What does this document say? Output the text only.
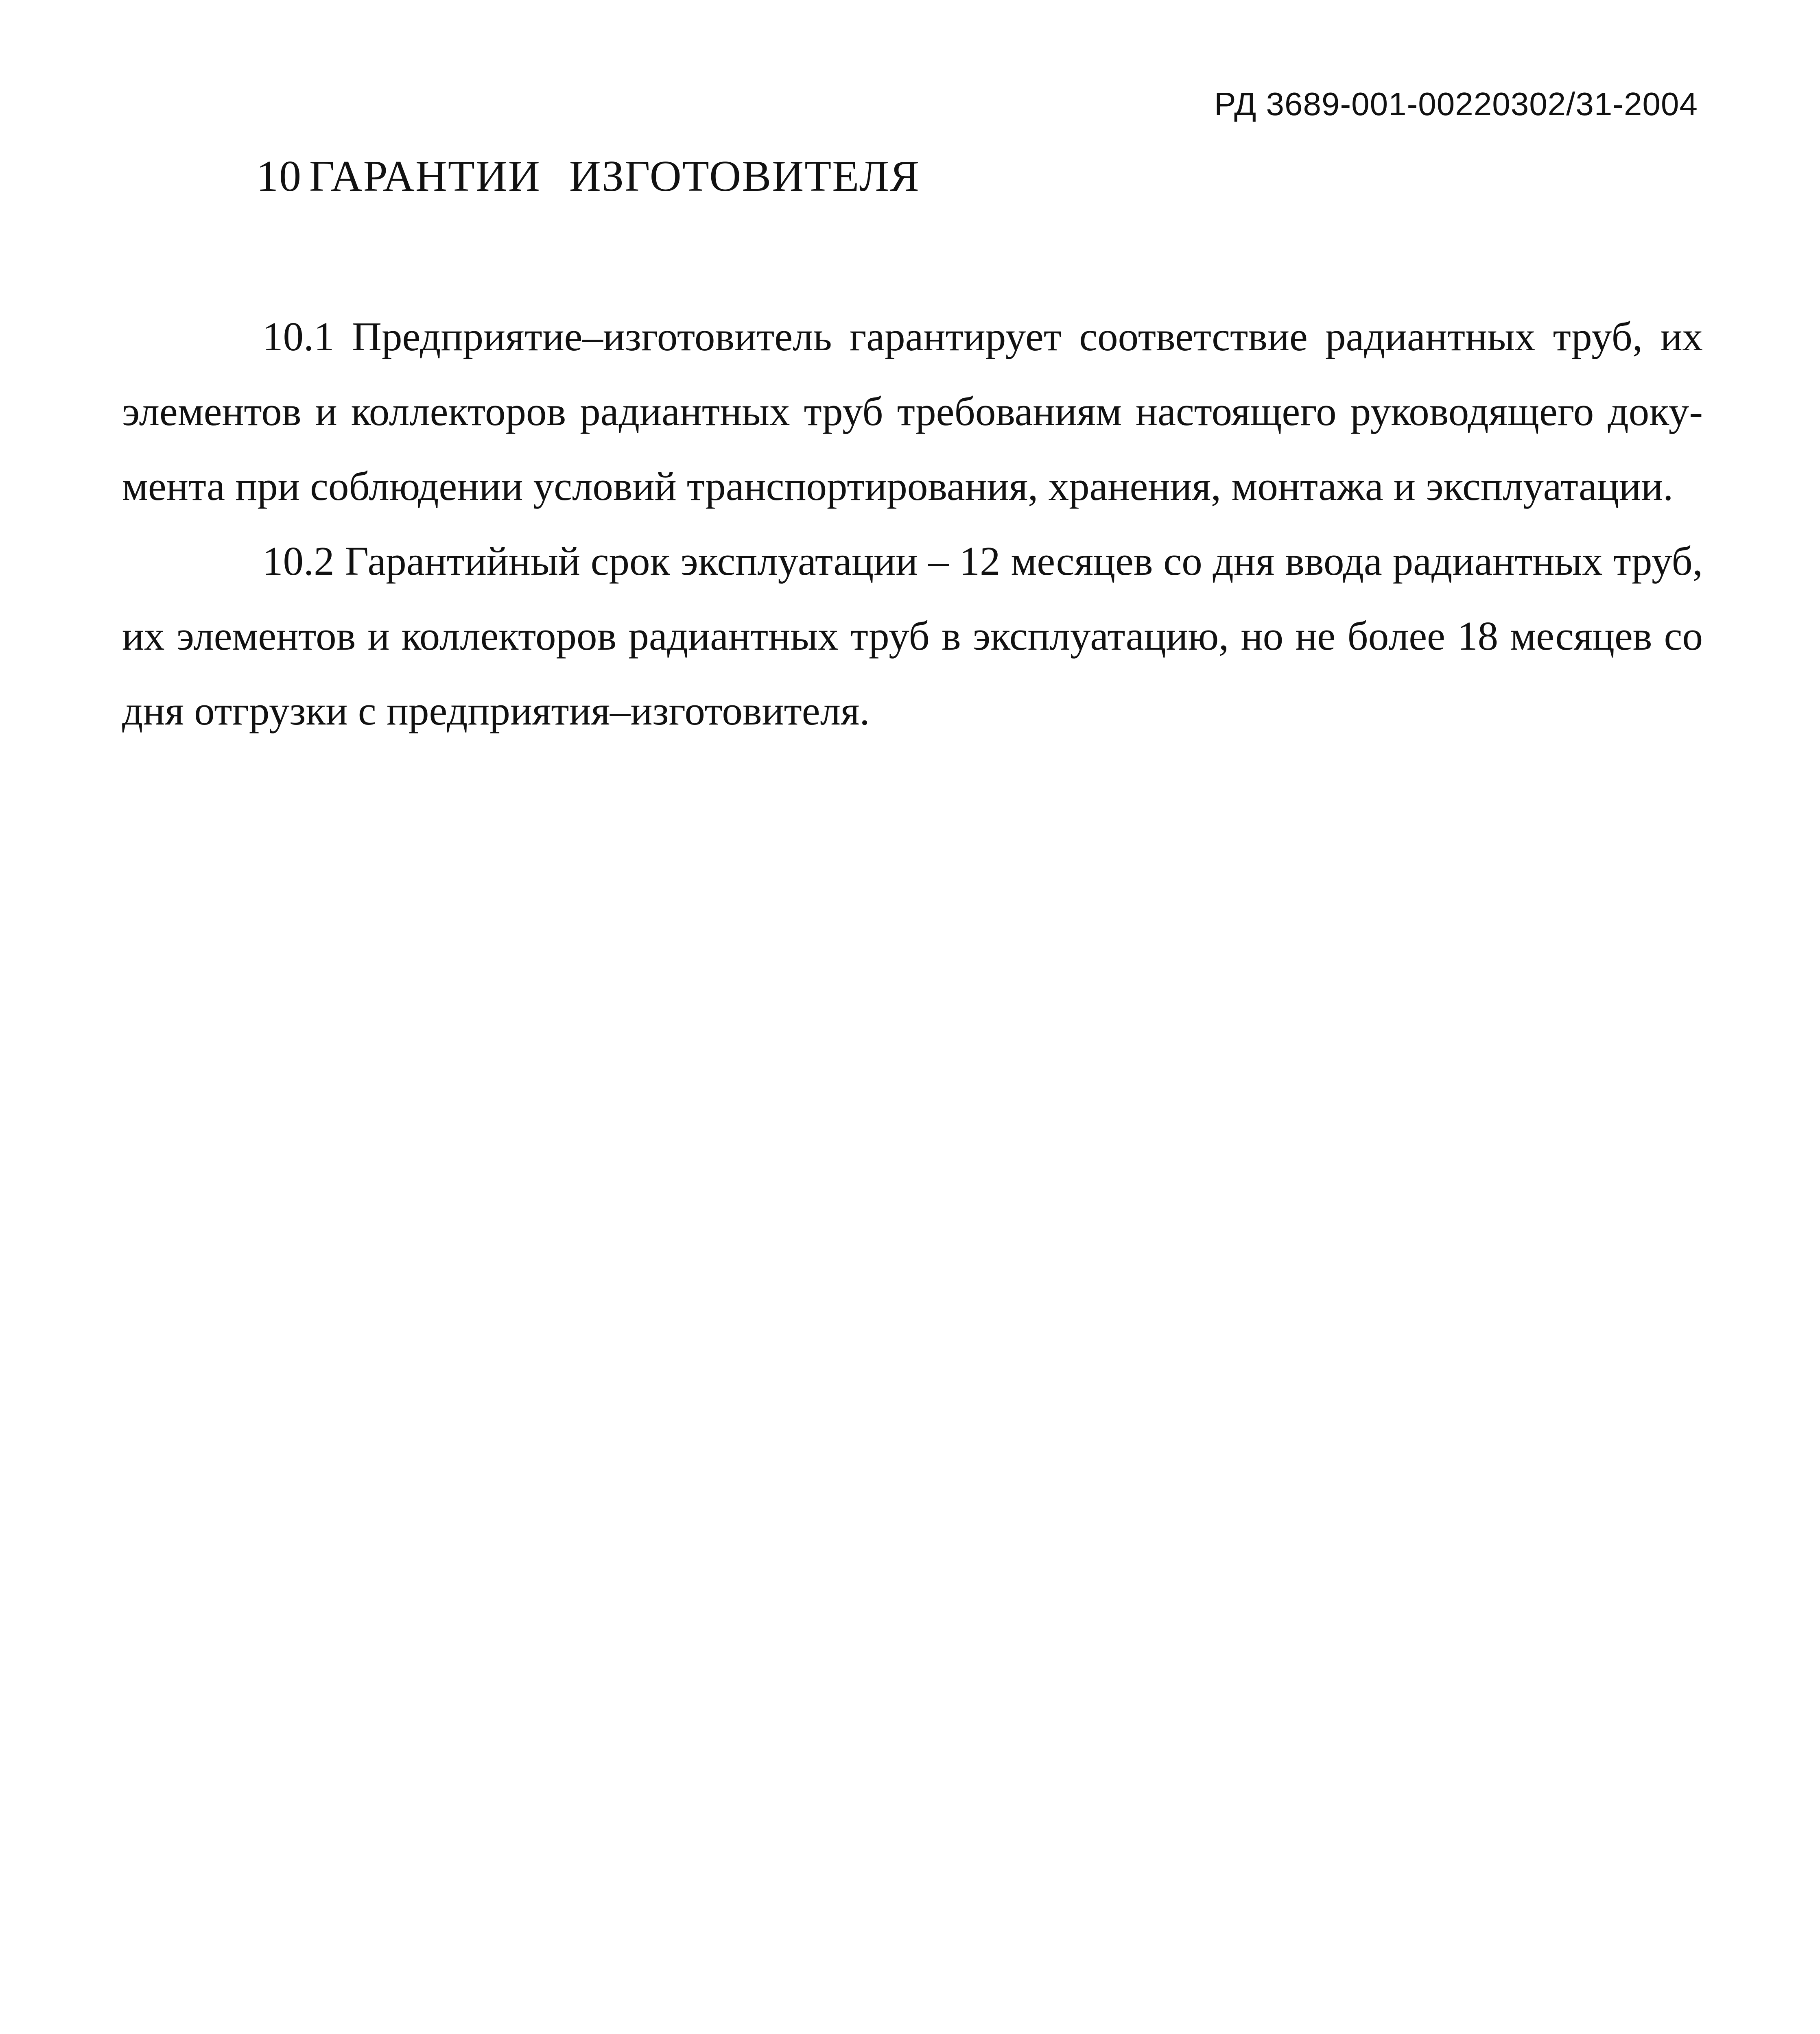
РД 3689-001-00220302/31-2004
10 ГАРАНТИИ ИЗГОТОВИТЕЛЯ
10.1 Предприятие–изготовитель гарантирует соответствие радиантных труб, их
элементов и коллекторов радиантных труб требованиям настоящего руководящего доку-
мента при соблюдении условий транспортирования, хранения, монтажа и эксплуатации.
10.2 Гарантийный срок эксплуатации – 12 месяцев со дня ввода радиантных труб,
их элементов и коллекторов радиантных труб в эксплуатацию, но не более 18 месяцев со
дня отгрузки с предприятия–изготовителя.
